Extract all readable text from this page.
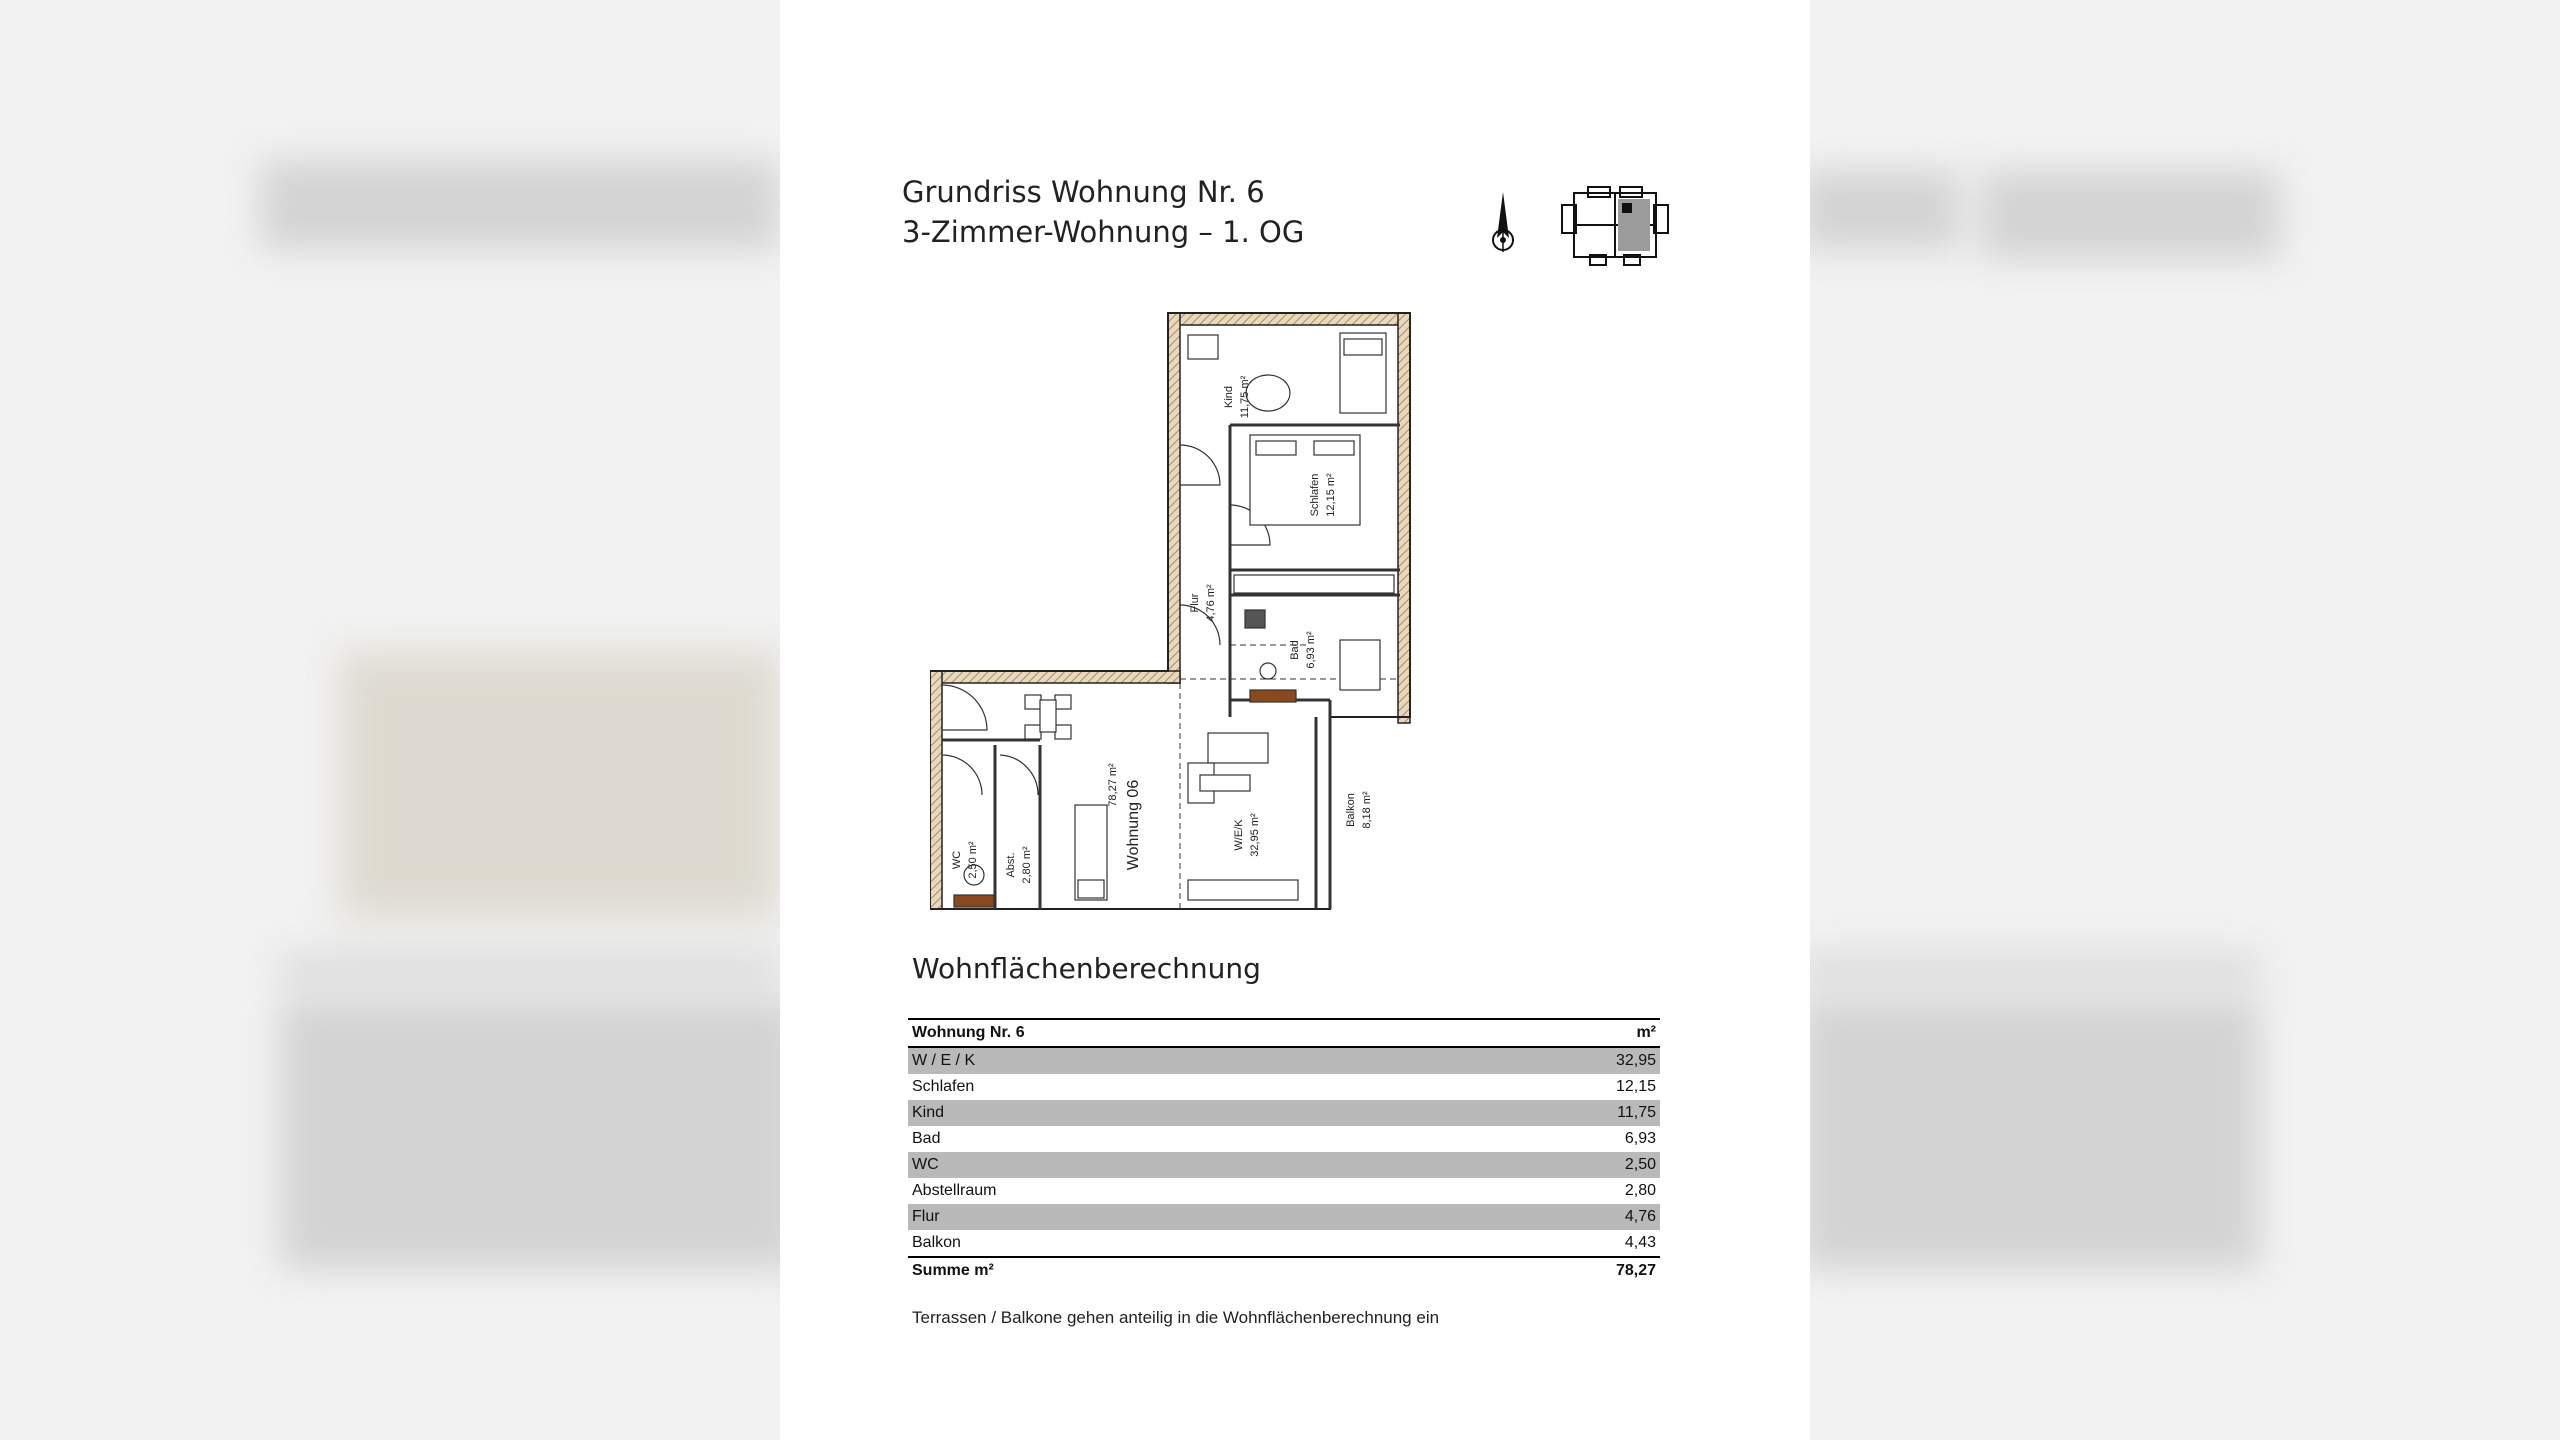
Grundriss Wohnung Nr. 6
3-Zimmer-Wohnung – 1. OG
Kind 11,75 m²
Schlafen 12,15 m²
Flur 4,76 m²
Bad 6,93 m²
W/E/K 32,95 m²
Balkon 8,18 m²
WC 2,50 m² Abst. 2,80 m²
78,27 m² Wohnung 06
Wohnflächenberechnung
Wohnung Nr. 6	m²
W / E / K	32,95
Schlafen	12,15
Kind	11,75
Bad	6,93
WC	2,50
Abstellraum	2,80
Flur	4,76
Balkon	4,43
Summe m²	78,27

Terrassen / Balkone gehen anteilig in die Wohnflächenberechnung ein
